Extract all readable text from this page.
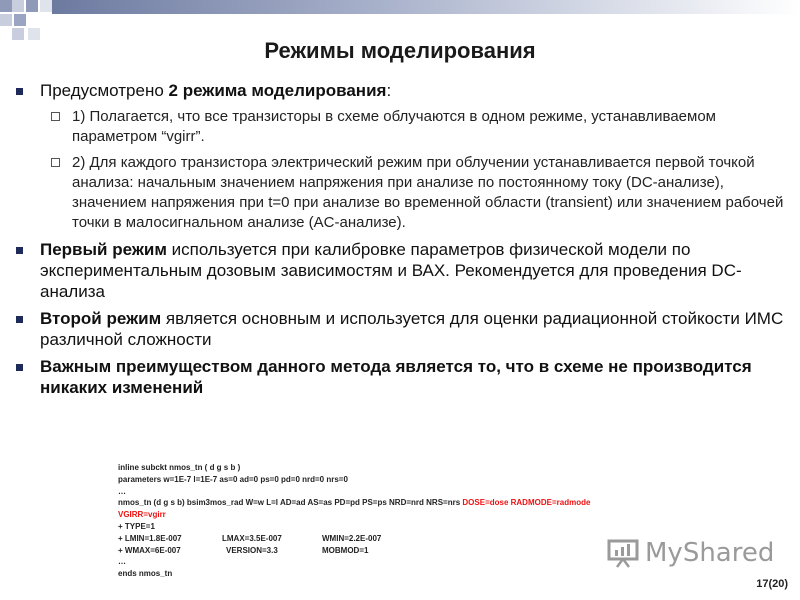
Режимы моделирования
Предусмотрено 2 режима моделирования:
1) Полагается, что все транзисторы в схеме облучаются в одном режиме, устанавливаемом параметром “vgirr”.
2) Для каждого транзистора электрический режим при облучении устанавливается первой точкой анализа: начальным значением напряжения при анализе по постоянному току (DC-анализе), значением напряжения при t=0 при анализе во временной области (transient) или значением рабочей точки в малосигнальном анализе (AC-анализе).
Первый режим используется при калибровке параметров физической модели по экспериментальным дозовым зависимостям и ВАХ. Рекомендуется для проведения DC-анализа
Второй режим является основным и используется для оценки радиационной стойкости ИМС различной сложности
Важным преимуществом данного метода является то, что в схеме не производится никаких изменений
inline subckt nmos_tn ( d g s b )
parameters w=1E-7 l=1E-7 as=0 ad=0 ps=0 pd=0 nrd=0 nrs=0
…
nmos_tn (d g s b) bsim3mos_rad W=w L=l AD=ad AS=as PD=pd PS=ps NRD=nrd NRS=nrs DOSE=dose RADMODE=radmode
VGIRR=vgirr
+ TYPE=1
+ LMIN=1.8E-007	LMAX=3.5E-007	WMIN=2.2E-007
+ WMAX=6E-007	VERSION=3.3	MOBMOD=1
…
ends nmos_tn
MyShared
17(20)
